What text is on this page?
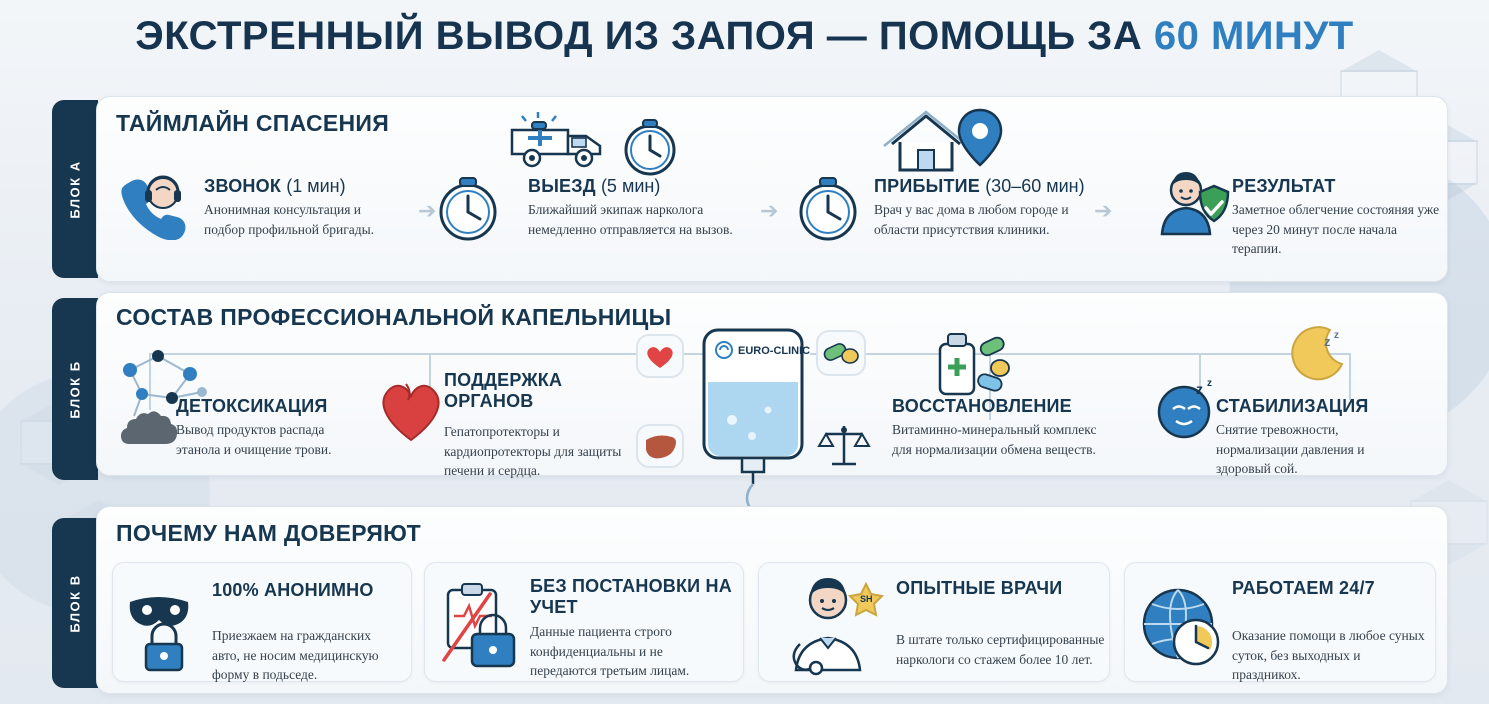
ЭКСТРЕННЫЙ ВЫВОД ИЗ ЗАПОЯ — ПОМОЩЬ ЗА 60 МИНУТ
БЛОК А
ТАЙМЛАЙН СПАСЕНИЯ
ЗВОНОК (1 мин)
Анонимная консультация и подбор профильной бригады.
➔
ВЫЕЗД (5 мин)
Ближайший экипаж нарколога немедленно отправляется на вызов.
➔
ПРИБЫТИЕ (30–60 мин)
Врач у вас дома в любом городе и области присутствия клиники.
➔
РЕЗУЛЬТАТ
Заметное облегчение состояняя уже через 20 минут после начала терапии.
БЛОК Б
СОСТАВ ПРОФЕССИОНАЛЬНОЙ КАПЕЛЬНИЦЫ
EURO-CLINIC
ДЕТОКСИКАЦИЯ
Вывод продуктов распада этанола и очищение трови.
ПОДДЕРЖКА ОРГАНОВ
Гепатопротекторы и кардиопротекторы для защиты печени и сердца.
ВОССТАНОВЛЕНИЕ
Витаминно-минеральный комплекс для нормализации обмена веществ.
z z
z z
СТАБИЛИЗАЦИЯ
Снятие тревожности, нормализации давления и здоровый сой.
БЛОК В
ПОЧЕМУ НАМ ДОВЕРЯЮТ
100% АНОНИМНО
Приезжаем на гражданских авто, не носим медицинскую форму в подьседе.
БЕЗ ПОСТАНОВКИ НА УЧЕТ
Данные пациента строго конфиденциальны и не передаются третьим лицам.
SH
ОПЫТНЫЕ ВРАЧИ
В штате только сертифицированные наркологи со стажем более 10 лет.
РАБОТАЕМ 24/7
Оказание помощи в любое суныx суток, без выходных и праздникох.
